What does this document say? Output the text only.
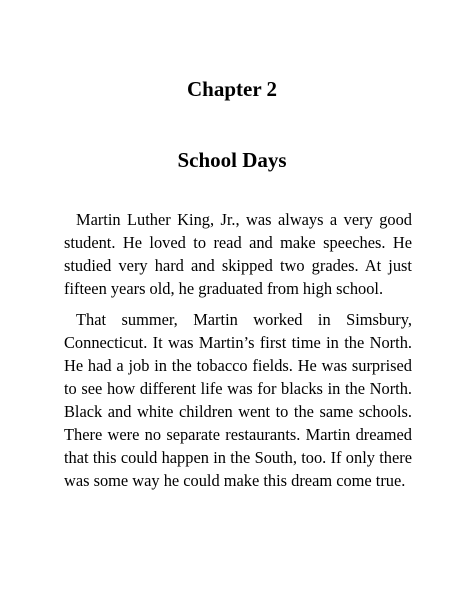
Chapter 2
School Days

Martin Luther King, Jr., was always a very good student. He loved to read and make speeches. He studied very hard and skipped two grades. At just fifteen years old, he graduated from high school.

That summer, Martin worked in Simsbury, Connecticut. It was Martin’s first time in the North. He had a job in the tobacco fields. He was surprised to see how different life was for blacks in the North. Black and white children went to the same schools. There were no separate restaurants. Martin dreamed that this could happen in the South, too. If only there was some way he could make this dream come true.
